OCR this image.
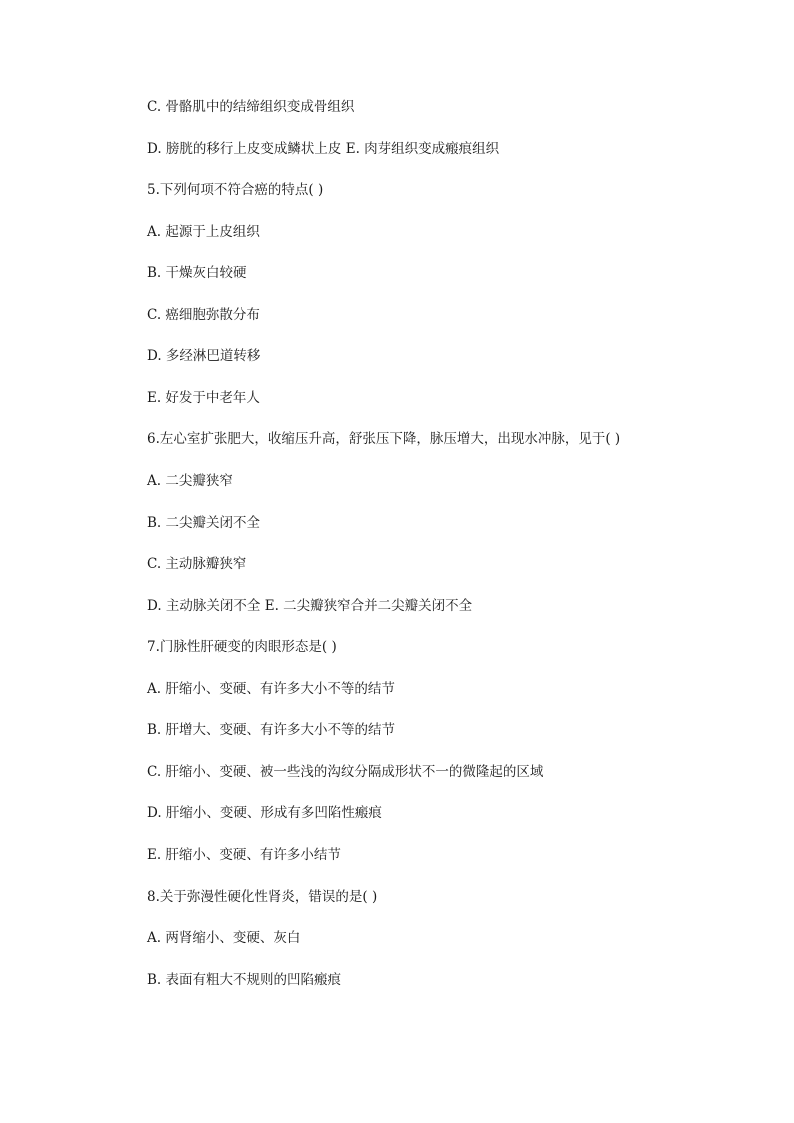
C. 骨骼肌中的结缔组织变成骨组织
D. 膀胱的移行上皮变成鳞状上皮 E. 肉芽组织变成瘢痕组织
5.下列何项不符合癌的特点( )
A. 起源于上皮组织
B. 干燥灰白较硬
C. 癌细胞弥散分布
D. 多经淋巴道转移
E. 好发于中老年人
6.左心室扩张肥大，收缩压升高，舒张压下降，脉压增大，出现水冲脉，见于( )
A. 二尖瓣狭窄
B. 二尖瓣关闭不全
C. 主动脉瓣狭窄
D. 主动脉关闭不全 E. 二尖瓣狭窄合并二尖瓣关闭不全
7.门脉性肝硬变的肉眼形态是( )
A. 肝缩小、变硬、有许多大小不等的结节
B. 肝增大、变硬、有许多大小不等的结节
C. 肝缩小、变硬、被一些浅的沟纹分隔成形状不一的微隆起的区域
D. 肝缩小、变硬、形成有多凹陷性瘢痕
E. 肝缩小、变硬、有许多小结节
8.关于弥漫性硬化性肾炎，错误的是( )
A. 两肾缩小、变硬、灰白
B. 表面有粗大不规则的凹陷瘢痕
